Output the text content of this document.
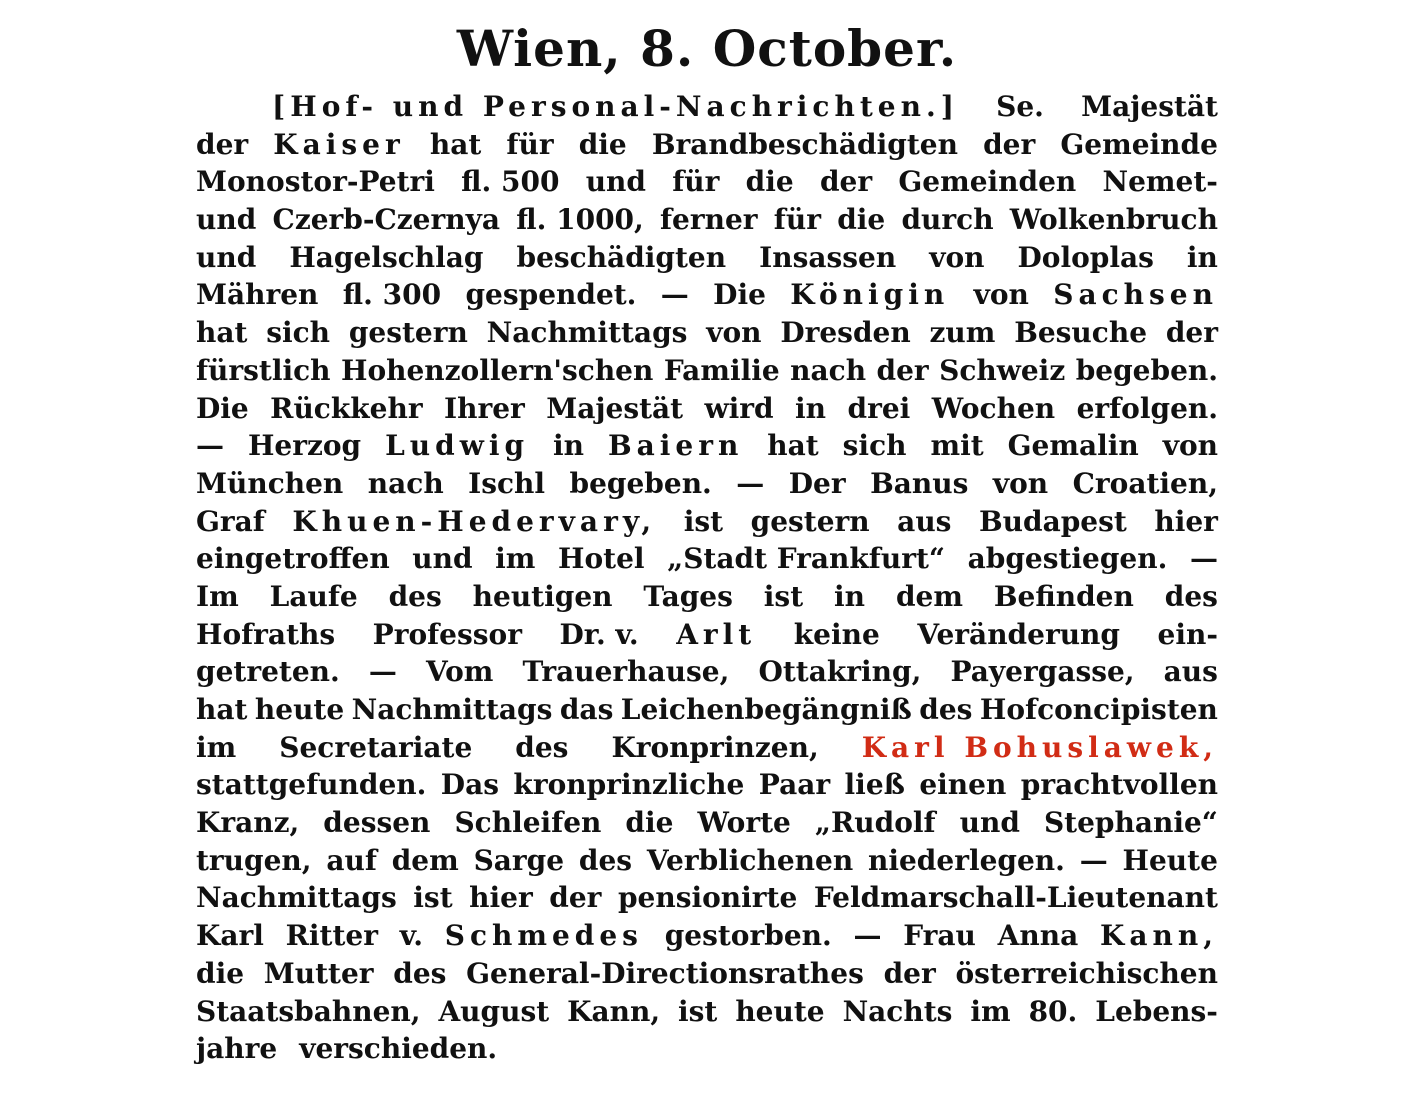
Wien, 8. October.
[Hof- und Personal-Nachrichten.] Se. Majestät
der Kaiser hat für die Brandbeschädigten der Gemeinde
Monostor-Petri fl. 500 und für die der Gemeinden Nemet-
und Czerb-Czernya fl. 1000, ferner für die durch Wolkenbruch
und Hagelschlag beschädigten Insassen von Doloplas in
Mähren fl. 300 gespendet. — Die Königin von Sachsen
hat sich gestern Nachmittags von Dresden zum Besuche der
fürstlich Hohenzollern'schen Familie nach der Schweiz begeben.
Die Rückkehr Ihrer Majestät wird in drei Wochen erfolgen.
— Herzog Ludwig in Baiern hat sich mit Gemalin von
München nach Ischl begeben. — Der Banus von Croatien,
Graf Khuen-Hedervary, ist gestern aus Budapest hier
eingetroffen und im Hotel „Stadt Frankfurt“ abgestiegen. —
Im Laufe des heutigen Tages ist in dem Befinden des
Hofraths Professor Dr. v. Arlt keine Veränderung ein-
getreten. — Vom Trauerhause, Ottakring, Payergasse, aus
hat heute Nachmittags das Leichenbegängniß des Hofconcipisten
im Secretariate des Kronprinzen, Karl Bohuslawek,
stattgefunden. Das kronprinzliche Paar ließ einen prachtvollen
Kranz, dessen Schleifen die Worte „Rudolf und Stephanie“
trugen, auf dem Sarge des Verblichenen niederlegen. — Heute
Nachmittags ist hier der pensionirte Feldmarschall-Lieutenant
Karl Ritter v. Schmedes gestorben. — Frau Anna Kann,
die Mutter des General-Directionsrathes der österreichischen
Staatsbahnen, August Kann, ist heute Nachts im 80. Lebens-
jahre verschieden.
